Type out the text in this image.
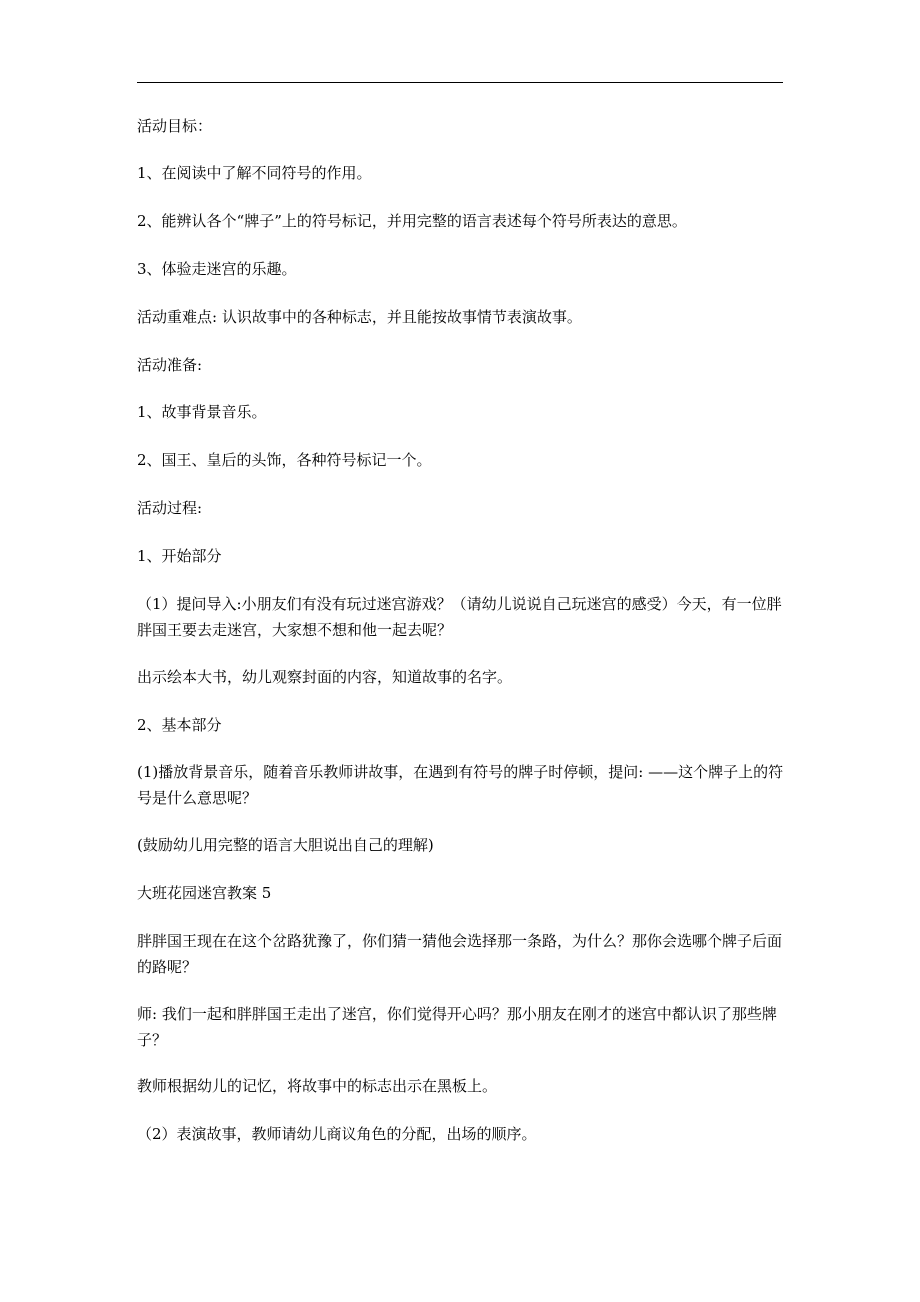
活动目标：
1、在阅读中了解不同符号的作用。
2、能辨认各个“牌子”上的符号标记，并用完整的语言表述每个符号所表达的意思。
3、体验走迷宫的乐趣。
活动重难点: 认识故事中的各种标志，并且能按故事情节表演故事。
活动准备:
1、故事背景音乐。
2、国王、皇后的头饰，各种符号标记一个。
活动过程:
1、开始部分
（1）提问导入:小朋友们有没有玩过迷宫游戏？（请幼儿说说自己玩迷宫的感受）今天，有一位胖胖国王要去走迷宫，大家想不想和他一起去呢？
出示绘本大书，幼儿观察封面的内容，知道故事的名字。
2、基本部分
(1)播放背景音乐，随着音乐教师讲故事，在遇到有符号的牌子时停顿，提问: ——这个牌子上的符号是什么意思呢？
(鼓励幼儿用完整的语言大胆说出自己的理解)
大班花园迷宫教案 5
胖胖国王现在在这个岔路犹豫了，你们猜一猜他会选择那一条路，为什么？那你会选哪个牌子后面的路呢？
师: 我们一起和胖胖国王走出了迷宫，你们觉得开心吗？那小朋友在刚才的迷宫中都认识了那些牌子？
教师根据幼儿的记忆，将故事中的标志出示在黑板上。
（2）表演故事，教师请幼儿商议角色的分配，出场的顺序。
